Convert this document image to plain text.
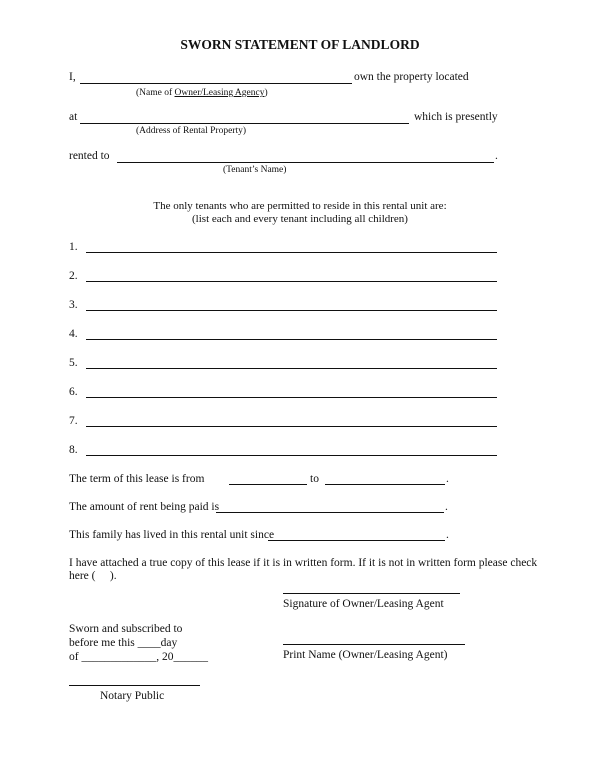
SWORN STATEMENT OF LANDLORD
I,	own the property located
(Name of Owner/Leasing Agency)
at	which is presently
(Address of Rental Property)
rented to	.
(Tenant’s Name)
The only tenants who are permitted to reside in this rental unit are:
(list each and every tenant including all children)
1.
2.
3.
4.
5.
6.
7.
8.
The term of this lease is from	to	.
The amount of rent being paid is	.
This family has lived in this rental unit since	.
I have attached a true copy of this lease if it is in written form. If it is not in written form please check
here (     ).
Signature of Owner/Leasing Agent
Sworn and subscribed to
before me this ____day
of _____________, 20______	Print Name (Owner/Leasing Agent)
Notary Public
